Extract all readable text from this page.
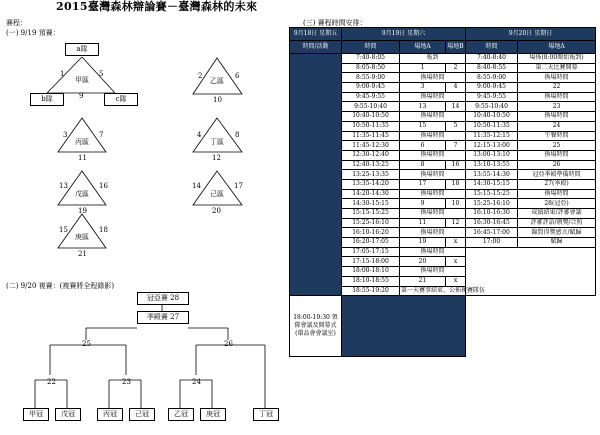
2015臺灣森林辯論賽－臺灣森林的未來
賽程：
(一) 9/19 預賽：
a隊
b隊	c隊
1	5
甲區
9
2	6
乙區
10
3	7
丙區
11
4	8
丁區
12
13	16
戊區
19
14	17
己區
20
15	18
庚區
21
(二) 9/20 複賽：(複賽將全程錄影)
冠亞賽 28
季殿賽 27
25	26
22	23	24
甲冠	戊冠	丙冠	己冠	乙冠	庚冠	丁冠
(三) 賽程時間安排：
9月18日 星期五	9月19日 星期六			9月20日 星期日	
時間/活動	時間	場地A	場地B	時間	場地A
	7:40-8:05	報到		7:40-8:40	場佈(8:00開始報到)
	8:05-8:50	1	2	8:40-8:55	第二天比賽開幕
	8:55-9:00	換場時間		8:55-9:00	換場時間
	9:00-9:45	3	4	9:00-9:45	22
	9:45-9:55	換場時間		9:45-9:55	換場時間
	9:55-10:40	13	14	9:55-10:40	23
	10:40-10:50	換場時間		10:40-10:50	換場時間
	10:50-11:35	15	5	10:50-11:35	24
	11:35-11:45	換場時間		11:35-12:15	午餐時間
	11:45-12:30	6	7	12:15-13:00	25
	12:30-12:40	換場時間		13:00-13:10	換場時間
	12:40-13:25	8	16	13:10-13:55	26
	13:25-13:35	換場時間		13:55-14:30	冠亞季殿準備時間
	13:35-14:20	17	18	14:30-15:15	27(季殿)
	14:20-14:30	換場時間		15:15-15:25	換場時間
	14:30-15:15	9	10	15:25-16:10	28(冠亞)
	15:15-15:25	換場時間		16:10-16:30	成績結果/評審會議
	15:25-16:10	11	12	16:30-16:45	評審評語/頒獎/合照
	16:10-16:20	換場時間		16:45-17:00	錦賢得獎感言/賦歸
	16:20-17:05	19	x	17:00	賦歸
	17:05-17:15	換場時間			
	17:15-18:00	20	x		
	18:00-18:10	換場時間			
	18:10-18:55	21	x		
	18:55-19:20	第一天賽事結束、公佈複賽隊伍			
18:00-19:30 領隊會議及開幕式 (環品會會議室)					
